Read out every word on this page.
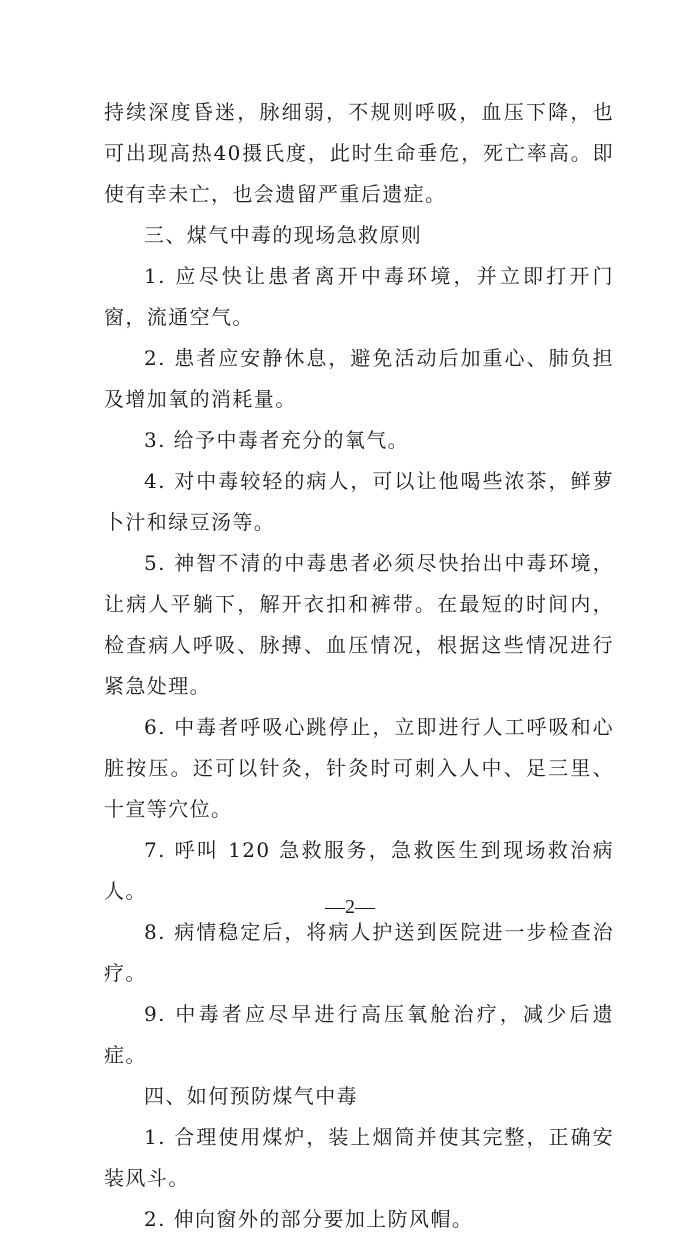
持续深度昏迷，脉细弱，不规则呼吸，血压下降，也可出现高热40摄氏度，此时生命垂危，死亡率高。即使有幸未亡，也会遗留严重后遗症。

三、煤气中毒的现场急救原则

1. 应尽快让患者离开中毒环境，并立即打开门窗，流通空气。

2. 患者应安静休息，避免活动后加重心、肺负担及增加氧的消耗量。

3. 给予中毒者充分的氧气。

4. 对中毒较轻的病人，可以让他喝些浓茶，鲜萝卜汁和绿豆汤等。

5. 神智不清的中毒患者必须尽快抬出中毒环境，让病人平躺下，解开衣扣和裤带。在最短的时间内，检查病人呼吸、脉搏、血压情况，根据这些情况进行紧急处理。

6. 中毒者呼吸心跳停止，立即进行人工呼吸和心脏按压。还可以针灸，针灸时可刺入人中、足三里、十宣等穴位。

7. 呼叫 120 急救服务，急救医生到现场救治病人。

8. 病情稳定后，将病人护送到医院进一步检查治疗。

9. 中毒者应尽早进行高压氧舱治疗，减少后遗症。

四、如何预防煤气中毒

1. 合理使用煤炉，装上烟筒并使其完整，正确安装风斗。

2. 伸向窗外的部分要加上防风帽。

—2—
